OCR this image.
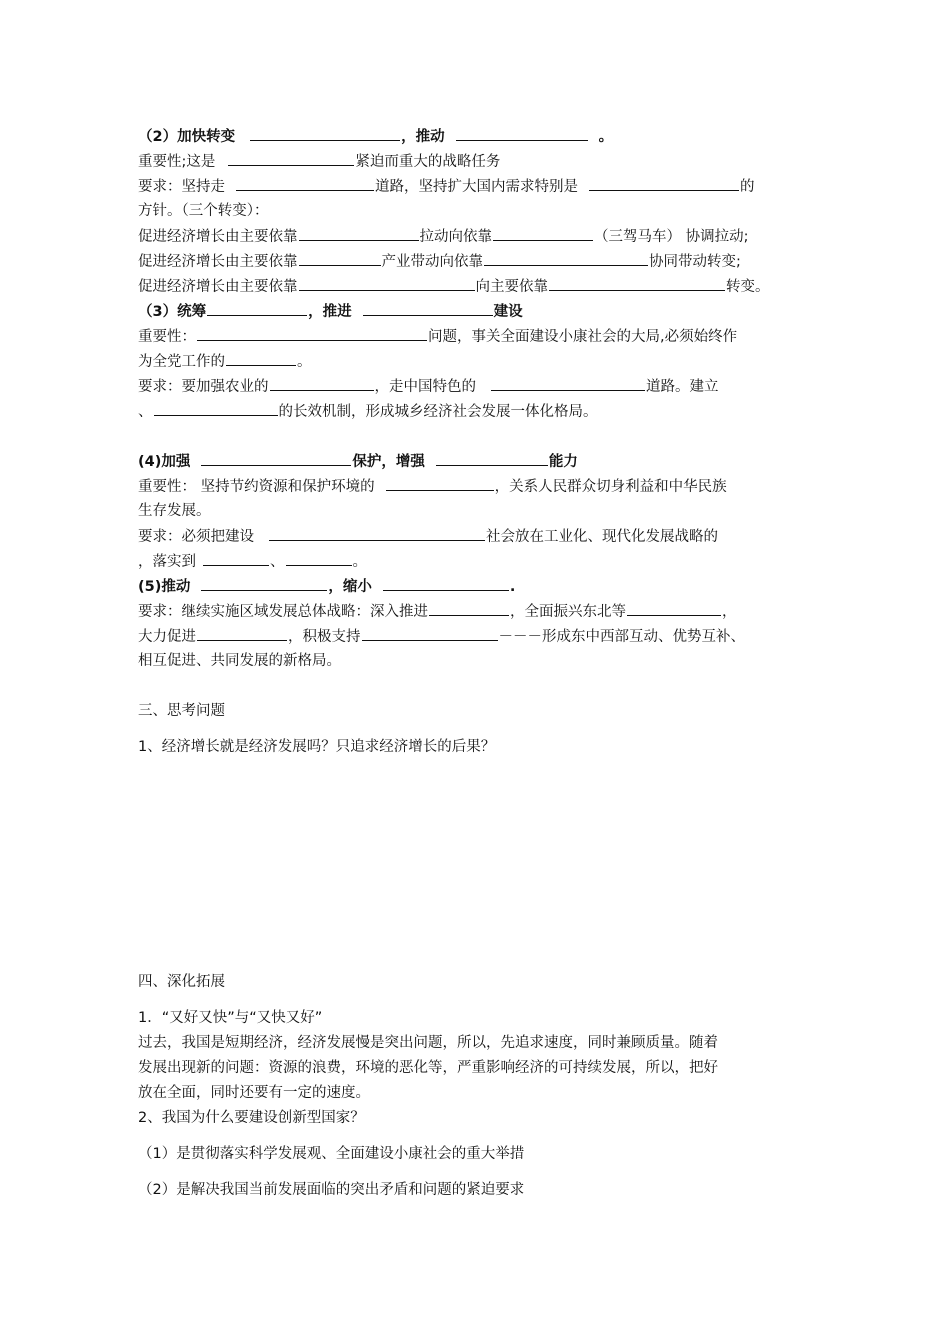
（2）加快转变	，推动	。
重要性;这是	紧迫而重大的战略任务
要求：坚持走	道路，坚持扩大国内需求特别是	的
方针。（三个转变）：
促进经济增长由主要依靠	拉动向依靠	（三驾马车） 协调拉动;
促进经济增长由主要依靠	产业带动向依靠	协同带动转变;
促进经济增长由主要依靠	向主要依靠	转变。
（3）统筹	，推进	建设
重要性：	问题，事关全面建设小康社会的大局,必须始终作
为全党工作的	。
要求：要加强农业的	，走中国特色的	道路。建立
、	的长效机制，形成城乡经济社会发展一体化格局。
(4)加强	保护，增强	能力
重要性： 坚持节约资源和保护环境的	，关系人民群众切身利益和中华民族
生存发展。
要求：必须把建设	社会放在工业化、现代化发展战略的
，落实到	、	。
(5)推动	，缩小	.
要求：继续实施区域发展总体战略：深入推进	，全面振兴东北等	，
大力促进	，积极支持	－－－形成东中西部互动、优势互补、
相互促进、共同发展的新格局。
三、思考问题
1、经济增长就是经济发展吗？只追求经济增长的后果？
四、深化拓展
1．“又好又快”与“又快又好”
过去，我国是短期经济，经济发展慢是突出问题，所以，先追求速度，同时兼顾质量。随着
发展出现新的问题：资源的浪费，环境的恶化等，严重影响经济的可持续发展，所以，把好
放在全面，同时还要有一定的速度。
2、我国为什么要建设创新型国家？
（1）是贯彻落实科学发展观、全面建设小康社会的重大举措
（2）是解决我国当前发展面临的突出矛盾和问题的紧迫要求
